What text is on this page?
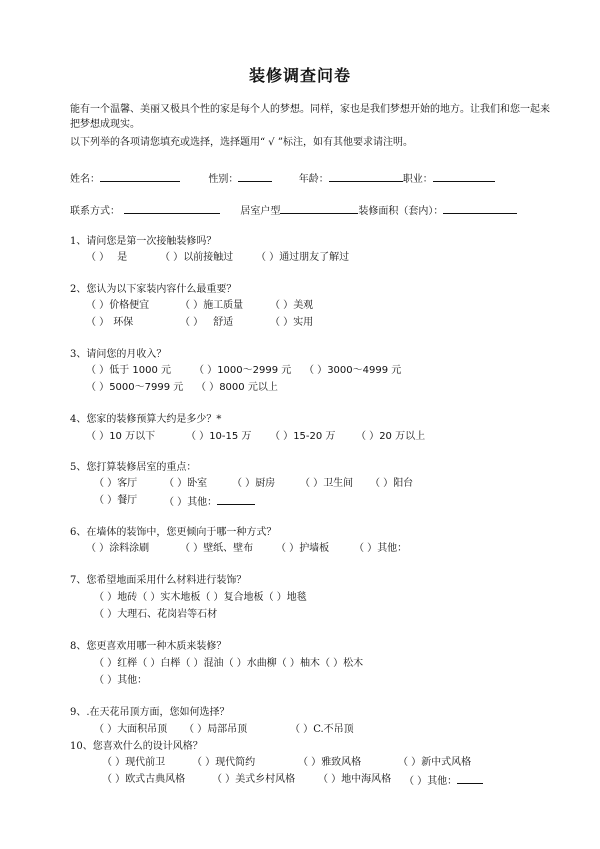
装修调查问卷
能有一个温馨、美丽又极具个性的家是每个人的梦想。同样，家也是我们梦想开始的地方。让我们和您一起来把梦想成现实。
以下列举的各项请您填充或选择，选择题用“ √ ”标注，如有其他要求请注明。
姓名：	性别：	年龄：	职业：
联系方式：	居室户型	装修面积（套内）：
1、请问您是第一次接触装修吗？
（ ） 是	（ ）以前接触过 （ ）通过朋友了解过
2、您认为以下家装内容什么最重要？
（ ）价格便宜	（ ）施工质量	（ ）美观
（ ） 环保	（ ） 舒适	（ ）实用
3、请问您的月收入？
（ ）低于 1000 元 （ ）1000～2999 元 （ ）3000～4999 元
（ ）5000～7999 元 （ ）8000 元以上
4、您家的装修预算大约是多少？*
（ ）10 万以下	（ ）10-15 万 （ ）15-20 万 （ ）20 万以上
5、您打算装修居室的重点：
（ ）客厅	（ ）卧室 （ ）厨房 （ ）卫生间 （ ）阳台
（ ）餐厅	（ ）其他：
6、在墙体的装饰中，您更倾向于哪一种方式？
（ ）涂料涂刷	（ ）壁纸、壁布 （ ）护墙板 （ ）其他：
7、您希望地面采用什么材料进行装饰？
（ ）地砖（ ）实木地板（ ）复合地板（ ）地毯
（ ）大理石、花岗岩等石材
8、您更喜欢用哪一种木质来装修？
（ ）红榉（ ）白榉（ ）混油（ ）水曲柳（ ）柚木（ ）松木
（ ）其他：
9、.在天花吊顶方面，您如何选择？
（ ）大面积吊顶 （ ）局部吊顶	（ ）C.不吊顶
10、您喜欢什么的设计风格？
（ ）现代前卫	（ ）现代简约	（ ）雅致风格	（ ）新中式风格
（ ）欧式古典风格	（ ）美式乡村风格 （ ）地中海风格 （ ）其他：
